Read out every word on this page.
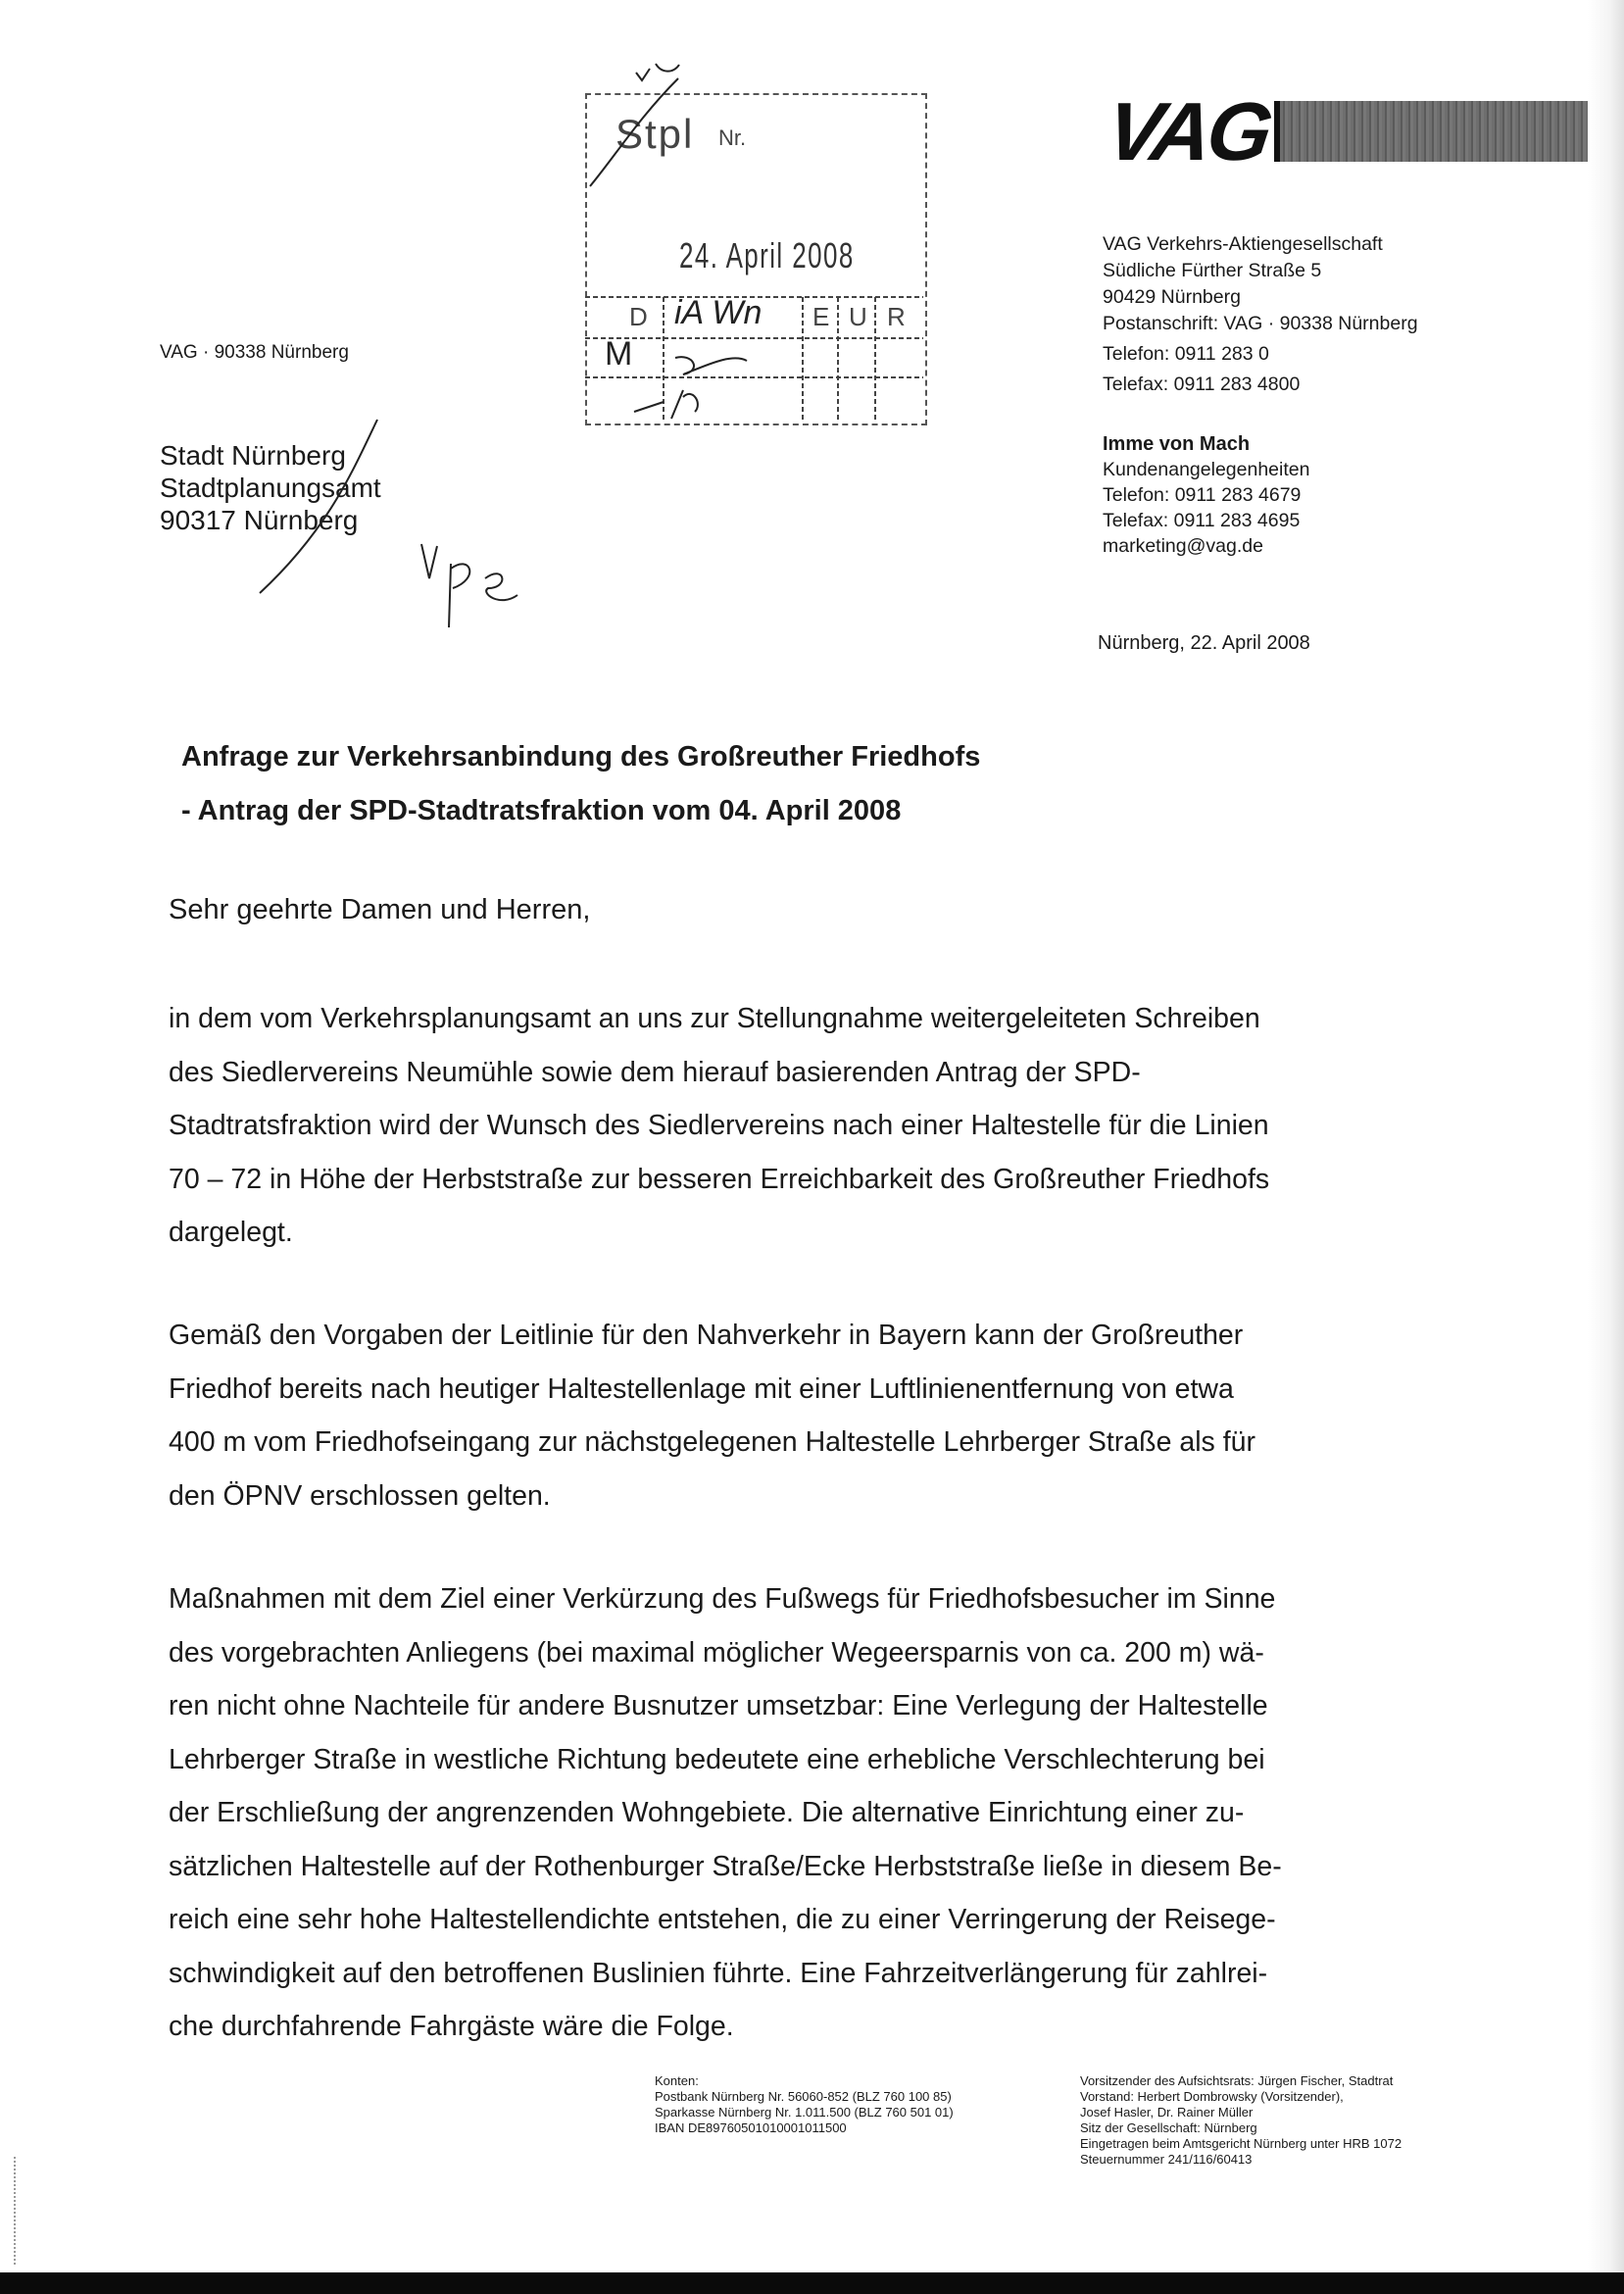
VAG
VAG · 90338 Nürnberg
Stadt Nürnberg
Stadtplanungsamt
90317 Nürnberg
Stpl Nr.
24. April 2008
D iA Wn E U R
M
VAG Verkehrs-Aktiengesellschaft
Südliche Fürther Straße 5
90429 Nürnberg
Postanschrift: VAG · 90338 Nürnberg
Telefon: 0911 283 0
Telefax: 0911 283 4800
Imme von Mach
Kundenangelegenheiten
Telefon: 0911 283 4679
Telefax: 0911 283 4695
marketing@vag.de
Nürnberg, 22. April 2008
Anfrage zur Verkehrsanbindung des Großreuther Friedhofs
- Antrag der SPD-Stadtratsfraktion vom 04. April 2008
Sehr geehrte Damen und Herren,
in dem vom Verkehrsplanungsamt an uns zur Stellungnahme weitergeleiteten Schreiben
des Siedlervereins Neumühle sowie dem hierauf basierenden Antrag der SPD-
Stadtratsfraktion wird der Wunsch des Siedlervereins nach einer Haltestelle für die Linien
70 – 72 in Höhe der Herbststraße zur besseren Erreichbarkeit des Großreuther Friedhofs
dargelegt.
Gemäß den Vorgaben der Leitlinie für den Nahverkehr in Bayern kann der Großreuther
Friedhof bereits nach heutiger Haltestellenlage mit einer Luftlinienentfernung von etwa
400 m vom Friedhofseingang zur nächstgelegenen Haltestelle Lehrberger Straße als für
den ÖPNV erschlossen gelten.
Maßnahmen mit dem Ziel einer Verkürzung des Fußwegs für Friedhofsbesucher im Sinne
des vorgebrachten Anliegens (bei maximal möglicher Wegeersparnis von ca. 200 m) wä-
ren nicht ohne Nachteile für andere Busnutzer umsetzbar: Eine Verlegung der Haltestelle
Lehrberger Straße in westliche Richtung bedeutete eine erhebliche Verschlechterung bei
der Erschließung der angrenzenden Wohngebiete. Die alternative Einrichtung einer zu-
sätzlichen Haltestelle auf der Rothenburger Straße/Ecke Herbststraße ließe in diesem Be-
reich eine sehr hohe Haltestellendichte entstehen, die zu einer Verringerung der Reisege-
schwindigkeit auf den betroffenen Buslinien führte. Eine Fahrzeitverlängerung für zahlrei-
che durchfahrende Fahrgäste wäre die Folge.
Konten:
Postbank Nürnberg Nr. 56060-852 (BLZ 760 100 85)
Sparkasse Nürnberg Nr. 1.011.500 (BLZ 760 501 01)
IBAN DE89760501010001011500
Vorsitzender des Aufsichtsrats: Jürgen Fischer, Stadtrat
Vorstand: Herbert Dombrowsky (Vorsitzender),
Josef Hasler, Dr. Rainer Müller
Sitz der Gesellschaft: Nürnberg
Eingetragen beim Amtsgericht Nürnberg unter HRB 1072
Steuernummer 241/116/60413
